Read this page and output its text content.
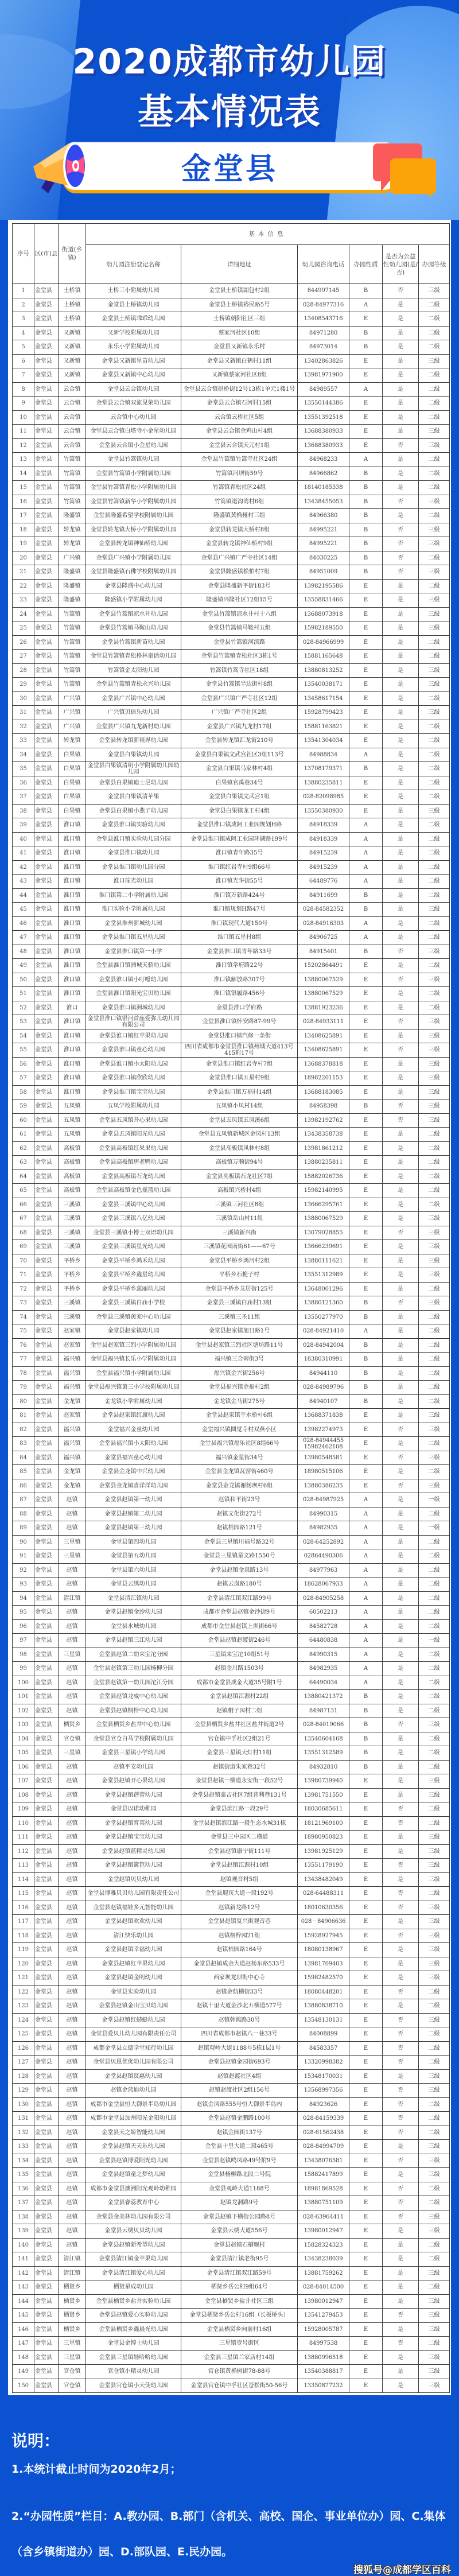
2020成都市幼儿园
基本情况表
金堂县
序号	区(市)县	街道(乡镇)	基本信息					
			幼儿园注册登记名称	详细地址	幼儿园咨询电话	办园性质	是否为公益性幼儿园(是/否)	办园等级
1	金堂县	土桥镇	土桥三小附属幼儿园	金堂县土桥镇湖包村2组	844997145	B	否	三级
2	金堂县	土桥镇	金堂县土桥镇幼儿园	金堂县土桥镇裕民路5号	028-84977316	A	是	二级
3	金堂县	土桥镇	金堂县土桥镇乖乖幼儿园	土桥镇朝阳社区三组	13408543716	E	是	二级
4	金堂县	又新镇	又新学校附属幼儿园	蔡家河社区10组	84971280	B	是	二级
5	金堂县	又新镇	永乐小学附属幼儿园	金堂县又新镇永乐村	84973014	B	是	二级
6	金堂县	又新镇	金堂县又新镇星苗幼儿园	金堂县又新镇白鹤村11组	13402863826	E	是	三级
7	金堂县	又新镇	金堂县又新镇中心幼儿园	又新镇蔡家河社区8组	13981971900	E	是	二级
8	金堂县	云合镇	金堂县云合镇幼儿园	金堂县云合镇拱桥街12号13栋1单元1楼1号	84989557	A	是	二级
9	金堂县	云合镇	金堂县云合镇双流见荣幼儿园	金堂县云合镇石河村15组	13550144386	E	是	二级
10	金堂县	云合镇	云合镇中心幼儿园	云合镇云桥社区5组	13551392518	E	是	二级
11	金堂县	云合镇	金堂县云合镇白塔寺小金星幼儿园	金堂县云合镇金鸡山村4组	13688380933	E	是	三级
12	金堂县	云合镇	金堂县云合镇小金星幼儿园	金堂县云合镇天元村1组	13688380933	E	否	三级
13	金堂县	竹篙镇	金堂县竹篙镇幼儿园	金堂县竹篙镇竹篙寺社区24组	84968233	A	是	二级
14	金堂县	竹篙镇	金堂县竹篙镇小学附属幼儿园	竹篙镇河坝街59号	84966862	B	是	二级
15	金堂县	竹篙镇	金堂县竹篙镇青松小学附属幼儿园	竹篙镇青松社区24组	18140185338	B	是	二级
16	金堂县	竹篙镇	金堂县竹篙镇新华小学附属幼儿园	竹篙镇道沟湾村6组	13438455053	B	否	三级
17	金堂县	隆盛镇	金堂县隆盛希望学校附属幼儿园	隆盛镇黄桷桠村三组	84966380	B	是	二级
18	金堂县	转龙镇	金堂县转龙镇大桥小学附属幼儿园	金堂县转龙镇大桥村8组	84995221	B	否	三级
19	金堂县	转龙镇	金堂县转龙镇神仙桥幼儿园	金堂县转龙镇神仙桥村9组	84995221	B	否	三级
20	金堂县	广兴镇	金堂县广兴镇小学附属幼儿园	金堂县广兴镇广严寺社区14组	84030225	B	否	二级
21	金堂县	隆盛镇	金堂县隆盛镇石佛学校附属幼儿园	金堂县隆盛镇松柏村7组	84951009	B	否	三级
22	金堂县	隆盛镇	金堂县隆盛中心幼儿园	金堂县隆盛新平街183号	13982195586	E	是	二级
23	金堂县	隆盛镇	隆盛镇小学附属幼儿园	隆盛镇兴隆社区12组15号	13558831466	E	是	三级
24	金堂县	竹篙镇	金堂县竹篙镇凉水井幼儿园	金堂县竹篙镇凉水井村十八组	13688073918	E	是	三级
25	金堂县	竹篙镇	金堂县竹篙镇马鞍山幼儿园	金堂县竹篙镇马鞍村五组	15982189550	E	是	三级
26	金堂县	竹篙镇	金堂县竹篙镇新苗幼儿园	金堂县竹篙镇河滨路	028-84966999	E	是	二级
27	金堂县	竹篙镇	金堂县竹篙镇青松格林童话幼儿园	金堂县竹篙镇青松社区3栋1号	15881165648	E	是	二级
28	金堂县	竹篙镇	竹篙镇金太阳幼儿园	竹篙镇竹篙寺社区18组	13880813252	E	是	三级
29	金堂县	竹篙镇	金堂县竹篙镇青松永兴幼儿园	金堂县竹篙镇半边街村8组	13540038171	E	是	三级
30	金堂县	广兴镇	金堂县广兴镇中心幼儿园	金堂县广兴镇广严寺社区12组	13458617154	E	是	二级
31	金堂县	广兴镇	广兴镇贝倍乐幼儿园	广兴镇广严寺社区2组	15928799423	E	是	三级
32	金堂县	广兴镇	金堂县广兴镇九龙新村幼儿园	金堂县广兴镇九龙村17组	15881163821	E	是	二级
33	金堂县	转龙镇	金堂县转龙镇新视界幼儿园	金堂县转龙镇汇龙街210号	13541304034	E	是	二级
34	金堂县	白果镇	金堂县白果镇幼儿园	金堂县白果镇文武宫社区3组113号	84988834	A	是	二级
35	金堂县	白果镇	金堂县白果镇清明小学附属幼儿园幼儿园	金堂县白果镇马家林村4组	13708179371	B	是	二级
36	金堂县	白果镇	金堂县白果镇迪士尼幼儿园	白果镇官禹巷34号	13880235811	E	是	二级
37	金堂县	白果镇	金堂县白果镇清苹果	金堂县白果镇文武宫1组	028-82098985	E	是	二级
38	金堂县	白果镇	金堂县白果镇小燕子幼儿园	金堂县白果镇龙王村4组	13550380930	E	是	三级
39	金堂县	淮口镇	金堂县淮口镇实验幼儿园	金堂县淮口镇成阿工业园规划H路	84918339	A	是	二级
40	金堂县	淮口镇	金堂县淮口镇实验幼儿园分园	金堂县淮口镇成阿工业园环湖路199号	84918339	A	是	二级
41	金堂县	淮口镇	金堂县淮口镇幼儿园	淮口镇青年路35号	84915239	A	是	二级
42	金堂县	淮口镇	金堂县淮口镇幼儿园分园	淮口镇红岩寺村9组66号	84915239	A	是	二级
43	金堂县	淮口镇	淮口瑞光幼儿园	淮口镇光华街55号	64489776	A	是	二级
44	金堂县	淮口镇	淮口镇第二小学附属幼儿园	淮口镇万新路424号	84911699	B	是	二级
45	金堂县	淮口镇	淮口实验小学附属幼儿园	淮口镇规划H路47号	028-84582352	B	是	三级
46	金堂县	淮口镇	金堂县淮州新城幼儿园	淮口镇现代大道150号	028-84916303	A	是	二级
47	金堂县	淮口镇	金堂县淮口镇五星幼儿园	淮口镇五星村8组	84906725	A	是	二级
48	金堂县	淮口镇	金堂县淮口镇第一小学	金堂县淮口镇青年路33号	84915401	B	否	三级
49	金堂县	淮口镇	金堂县淮口镇洲城天骄幼儿园	淮口镇学府路22号	15202864491	E	是	二级
50	金堂县	淮口镇	金堂县淮口镇小叮噹幼儿园	淮口镇解放路307号	13880067529	E	否	三级
51	金堂县	淮口镇	金堂县淮口镇阳光宝贝幼儿园	淮口镇银履路456号	13880067529	E	是	二级
52	金堂县	淮口	金堂县淮口镇洲城幼儿园	金堂县淮口学府路	13881923236	E	是	二级
53	金堂县	淮口镇	金堂县淮口镇银河首座爱弥儿幼儿园有限公司	金堂县淮口镇怀安路87-99号	028-84933111	E	否	三级
54	金堂县	淮口镇	金堂县淮口镇红苹果幼儿园	金堂县淮口镇汽修一条街	13408625891	E	是	三级
55	金堂县	淮口镇	金堂县淮口镇童心幼儿园	四川省成都市金堂县淮口镇州城大道413号415附17号	13408625891	E	否	三级
56	金堂县	淮口镇	金堂县淮口镇小太阳幼儿园	金堂县淮口镇红岩寺村7组	13688378818	E	是	三级
57	金堂县	淮口镇	金堂县淮口镇欣欣幼儿园	金堂县淮口镇五星村9组	18982201153	E	是	三级
58	金堂县	淮口镇	金堂县淮口镇宝宝幼儿园	金堂县淮口镇万福村14组	13688183085	E	是	三级
59	金堂县	五凤镇	五凤学校附属幼儿园	五凤镇小凤村14组	84958398	B	否	三级
60	金堂县	五凤镇	金堂县五凤镇开心果幼儿园	金堂县五凤镇五凤溪6组	13982192762	E	否	三级
61	金堂县	五凤镇	金堂县五凤镇阳光幼儿园	金堂县五凤镇新城区金凤村13组	13438358738	E	是	二级
62	金堂县	高板镇	金堂县高板镇红果果幼儿园	金堂县高板镇凤林村8组	13981861212	E	是	二级
63	金堂县	高板镇	金堂县高板镇唐老鸭幼儿园	高板镇万顺街94号	13880235811	E	是	二级
64	金堂县	高板镇	金堂县高板镇石龙幼儿园	金堂县高板镇石龙社区7组	15882026736	E	是	二级
65	金堂县	高板镇	金堂县高板镇金色摇篮幼儿园	高板镇兴桥村4组	15982140995	E	是	二级
66	金堂县	三溪镇	金堂县三溪镇中心幼儿园	三溪镇三河社区8组	13666295761	E	是	二级
67	金堂县	三溪镇	金堂县三溪镇八亿幼儿园	三溪镇岳山村11组	13880067529	E	是	三级
68	金堂县	三溪镇	金堂县三溪镇小博士双语幼儿园	三溪镇新兴街	13079028855	E	否	三级
69	金堂县	三溪镇	金堂县三溪镇星光幼儿园	三溪镇花园南街61——67号	13666239691	E	是	三级
70	金堂县	平桥乡	金堂县平桥乡鸿禾幼儿园	金堂县平桥乡鸿河村2组	13880111621	E	是	三级
71	金堂县	平桥乡	金堂县平桥乡鑫星幼儿园	平桥乡石桅子村	13551312989	E	是	三级
72	金堂县	平桥乡	金堂县平桥乡蕊丽幼儿园	金堂县平桥乡龙居街125号	13648001296	E	是	二级
73	金堂县	三溪镇	金堂县三溪镇白庙小学校	金堂县三溪镇白庙村13组	13880121360	B	否	三级
74	金堂县	三溪镇	金堂县三溪镇黄家中心幼儿园	三溪镇三圣11组	13550277970	B	是	二级
75	金堂县	赵家镇	金堂县赵家镇幼儿园	金堂县赵家镇旭日路1号	028-84921410	A	是	二级
76	金堂县	赵家镇	金堂县赵家镇三烈小学附属幼儿园	金堂县赵家镇三烈社区塘坊路11号	028-84942004	B	是	二级
77	金堂县	福兴镇	金堂县福兴镇长乐小学附属幼儿园	福兴镇三合碑街3号	18380310991	B	是	二级
78	金堂县	福兴镇	金堂县福兴镇小学附属幼儿园	福兴镇金兴街256号	84944110	B	是	二级
79	金堂县	福兴镇	金堂县福兴镇第三小学校附属幼儿园	金堂县福兴镇金福村2组	028-84989796	B	是	二级
80	金堂县	金龙镇	金龙镇小学附属幼儿园	金龙镇金马街275号	84940107	B	是	二级
81	金堂县	赵家镇	金堂县赵家镇红旗幼儿园	金堂县赵家镇平水桥村6组	13688371838	E	是	三级
82	金堂县	福兴镇	金堂福兴金童幼儿园	金堂福兴镇圆觉寺村双燕小区	13982274973	E	否	三级
83	金堂县	福兴镇	金堂县福兴镇小太阳幼儿园	金堂县福兴镇福乐社区8组66号	028-84944455 15982462108	E	是	二级
84	金堂县	福兴镇	金堂县福兴童心幼儿园	福兴镇金星街34号	13980548581	E	否	三级
85	金堂县	金龙镇	金堂县金龙镇中兴幼儿园	金堂县金龙镇瓦窑街460号	18980515106	E	是	二级
86	金堂县	金龙镇	金堂县金龙镇喜洋洋幼儿园	金堂县金龙镇谢杨坝村6组	13880386235	E	否	三级
87	金堂县	赵镇	金堂县赵镇第一幼儿园	赵镇和平街23号	028-84987925	A	是	一级
88	金堂县	赵镇	金堂县赵镇第二幼儿园	赵镇文化街272号	84990315	A	是	二级
89	金堂县	赵镇	金堂县赵镇第三幼儿园	赵镇桔园路121号	84982935	A	是	一级
90	金堂县	三星镇	金堂县第四幼儿园	金堂县三星镇川福号路32号	028-64252892	A	是	二级
91	金堂县	三星镇	金堂县第五幼儿园	金堂县三星镇星文路1550号	02864490306	A	是	二级
92	金堂县	赵镇	金堂县第六幼儿园	金堂县赵镇金泉路13号	84977963	A	是	二级
93	金堂县	赵镇	金堂县云绣幼儿园	赵镇云岚路180号	18628067933	A	是	二级
94	金堂县	清江镇	金堂县清江镇幼儿园	金堂县清江镇双江路99号	028-84905258	A	是	二级
95	金堂县	赵镇	金堂县赵镇金沙幼儿园	成都市金堂县赵镇金沙街9号	60502213	A	是	二级
96	金堂县	赵镇	金堂县水城幼儿园	成都市金堂县赵镇上坝街66号	84582728	A	是	二级
97	金堂县	赵镇	金堂县赵镇三江幼儿园	金堂县赵镇赵渡街246号	64480838	A	是	一级
98	金堂县	三星镇	金堂县赵镇二幼来宝沱分园	三星镇来宝沱10组51号	84990315	A	是	二级
99	金堂县	赵镇	金堂县赵镇第三幼儿园杨柳分园	赵镇金川路1503号	84982935	A	是	二级
100	金堂县	赵镇	金堂县赵镇第一幼儿园沱江分园	成都市金堂县成金大道35号附1号	64490034	A	是	二级
101	金堂县	赵镇	金堂县赵镇龙威中心幼儿园	金堂县赵镇江源村22组	13880421372	B	是	二级
102	金堂县	赵镇	金堂县赵镇桐梓中心幼儿园	赵镇桐子园村二组	84987131	B	是	二级
103	金堂县	栖贤乡	金堂县栖贤乡盐井中心幼儿园	金堂县栖贤乡盐井社区盐井街道2号	028-84019066	B	否	三级
104	金堂县	官仓镇	金堂县官仓白马学校附属幼儿园	官仓镇中孚社区2组21号	13540604168	B	是	二级
105	金堂县	三星镇	金堂县三星镇小学幼儿园	金堂县三星镇天灯村11组	13551312589	B	是	二级
106	金堂县	赵镇	赵镇平安幼儿园	赵镇街道朱家巷32号	84932810	B	是	二级
107	金堂县	赵镇	金堂县赵镇开心果幼儿园	金堂县赵镇一横道永安街一段52号	13980739940	E	是	三级
108	金堂县	赵镇	金堂县赵镇蓓蕾幼儿园	金堂县赵镇泰吉社区7组普利巷131号	13981751550	E	是	三级
109	金堂县	赵镇	金堂县以诺幼稚园	金堂县滨江路一段29号	18030685611	E	否	二级
110	金堂县	赵镇	金堂县赵镇育英幼儿园	金堂县赵镇滨江路一段生态水城31栋	18121969100	E	否	二级
111	金堂县	赵镇	金堂县赵镇宝宝幼儿园	金堂县三中园区二横道	18980950823	E	是	三级
112	金堂县	赵镇	金堂县赵镇蓝精灵幼儿园	金堂县赵镇康宁街111号	13981925129	E	是	三级
113	金堂县	赵镇	金堂县赵镇篱笆幼儿园	金堂县赵镇江源村10组	13551179190	E	否	三级
114	金堂县	赵镇	金堂赵镇贝贝幼儿园	赵镇观音村5组	13438482049	E	是	三级
115	金堂县	赵镇	金堂县博雅贝贝幼儿园有限责任公司	金堂县迎宾大道一段192号	028-64488311	E	否	二级
116	金堂县	赵镇	金堂县赵镇福娃多元智能幼儿园	赵镇新龙路12号	18010630356	E	否	三级
117	金堂县	赵镇	金堂县赵镇欢欢幼儿园	金堂县赵镇复兴街观音巷	028－84906636	E	是	三级
118	金堂县	赵镇	清江快乐幼儿园	赵镇桐梓园21组	15928927945	E	否	三级
119	金堂县	赵镇	金堂县赵镇幸福幼儿园	赵镇桔园路164号	18080138967	E	是	三级
120	金堂县	赵镇	金堂县赵镇红苹果幼儿园	金堂县赵镇成金大道赵杨东路533号	13981709403	E	是	三级
121	金堂县	赵镇	金堂县赵镇金明幼儿园	西家坝龙坝街中心寺	15982482570	E	是	三级
122	金堂县	赵镇	金堂县实验幼儿园	赵镇金航横街33号	18080448201	E	否	二级
123	金堂县	赵镇	金堂县赵镇金山宝贝幼儿园	赵镇十里大道金沙北五横道577号	13880838710	E	是	二级
124	金堂县	赵镇	金堂县赵镇红蜻蜓幼儿园	赵镇韩滩路30号	13548130131	E	否	三级
125	金堂县	赵镇	金堂县爱贝儿幼儿园有限责任公司	四川省成都市赵镇八一巷33号	84008899	E	否	二级
126	金堂县	赵镇	成都金堂县立德学堂知行幼儿园	赵镇观岭大道1188号5栋1层1号	84583357	E	否	二级
127	金堂县	赵镇	金堂县贝恩优优幼儿园有限公司	金堂县赵镇金园街693号	13320998382	E	否	二级
128	金堂县	赵镇	金堂县赵镇贤惠幼儿园	赵镇赵渡社区4组	15348170031	E	是	三级
129	金堂县	赵镇	赵镇金蓝迪幼儿园	赵镇赵渡社区2组156号	13568997356	E	否	三级
130	金堂县	赵镇	成都市金堂县恒大御景半岛幼儿园	赵镇金凤路555号恒大御景半岛内	84923626	E	否	二级
131	金堂县	赵镇	成都市金堂县加州阳光金阳幼儿园	金堂县赵镇金鹏路100号	028-84159339	E	否	二级
132	金堂县	赵镇	金堂县天之娇智能幼儿园	赵镇金园街137号	028-61562438	E	否	二级
133	金堂县	赵镇	金堂县赵镇天天乐幼儿园	金堂县十里大道二段465号	028-84994709	E	是	三级
134	金堂县	赵镇	金堂县赵镇博爱阳光幼儿园	金堂县赵镇鸣凤路49号附9号	13438076581	E	否	三级
135	金堂县	赵镇	金堂县赵镇童之梦幼儿园	金堂县杨柳路北段二号院	15882417899	E	是	三级
136	金堂县	赵镇	成都市金堂县澳洲阳光观岭幼稚园	金堂县观岭大道1188号	18981869528	E	否	二级
137	金堂县	赵镇	金堂县睿蕊教育中心	赵镇龙洞路9号	13880751109	E	否	二级
138	金堂县	赵镇	金堂县金美林幼儿园有限公司	金堂县赵镇下横街公园路8号	028-63964411	E	否	三级
139	金堂县	赵镇	金堂县云绣贝贝幼儿园	金堂县云绣大道556号	13980012947	E	是	三级
140	金堂县	赵镇	金堂县赵镇新希望幼儿园	金堂县赵镇石槽堰村	15828324323	E	是	二级
141	金堂县	清江镇	金堂县清江镇金苹果幼儿园	金堂县清江镇老街95号	13438238039	E	是	二级
142	金堂县	清江镇	金堂县清江镇爱心幼儿园	金堂县清江镇双江路59号	13881759262	E	是	三级
143	金堂县	栖贤乡	栖贤星成幼儿园	栖贤乡岳公村9组64号	028-84014500	E	是	二级
144	金堂县	栖贤乡	金堂县栖贤乡盐井实验幼儿园	金堂县栖贤乡盐井社区三组	13980012947	E	是	三级
145	金堂县	栖贤乡	金堂县赵镇爱心实验幼儿园	金堂县栖贤乡岳公村16组（长板桥头）	13541279453	E	否	三级
146	金堂县	栖贤乡	金堂县栖贤乡鑫晨光幼儿园	金堂县栖贤乡向前村16组	15928005787	E	是	三级
147	金堂县	三星镇	金堂县金博士幼儿园	三星镇壹号街区	84997538	E	否	二级
148	金堂县	三星镇	金堂县三星镇娃哈哈幼儿园	金堂县三星镇兰家店村14组	13880996518	E	是	三级
149	金堂县	官仓镇	官仓镇小精灵幼儿园	官仓镇黄桷树街78-88号	13540388817	E	是	三级
150	金堂县	官仓镇	金堂县官仓镇小天使幼儿园	金堂县官仓镇中孚社区苍松街50-56号	13350877232	E	是	三级
说明：
1.本统计截止时间为2020年2月；
2.“办园性质”栏目：A.教办园、B.部门（含机关、高校、国企、事业单位办）园、C.集体（含乡镇街道办）园、D.部队园、E.民办园。
搜狐号@成都学区百科
